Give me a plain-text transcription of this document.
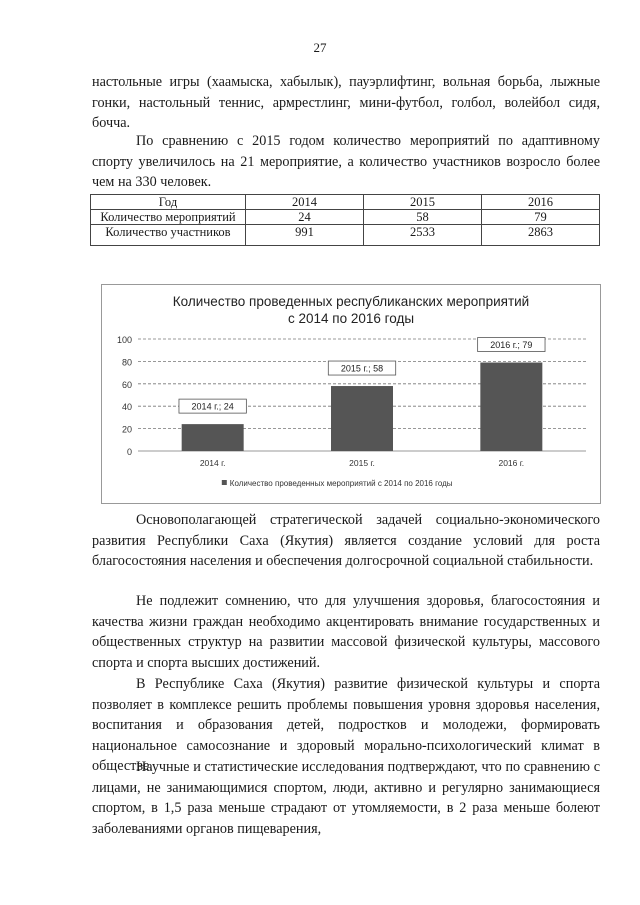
27

настольные игры (хаамыска, хабылык), пауэрлифтинг, вольная борьба, лыжные гонки, настольный теннис, армрестлинг, мини-футбол, голбол, волейбол сидя, бочча.

По сравнению с 2015 годом количество мероприятий по адаптивному спорту увеличилось на 21 мероприятие, а количество участников возросло более чем на 330 человек.

Год	2014	2015	2016
Количество мероприятий	24	58	79
Количество участников	991	2533	2863
Количество проведенных республиканских мероприятий
с 2014 по 2016 годы
0
20
40
60
80
100
2014 г.; 24
2014 г.
2015 г.; 58
2015 г.
2016 г.; 79
2016 г.
Количество проведенных мероприятий с 2014 по 2016 годы

Основополагающей стратегической задачей социально-экономического развития Республики Саха (Якутия) является создание условий для роста благосостояния населения и обеспечения долгосрочной социальной стабильности.

Не подлежит сомнению, что для улучшения здоровья, благосостояния и качества жизни граждан необходимо акцентировать внимание государственных и общественных структур на развитии массовой физической культуры, массового спорта и спорта высших достижений.

В Республике Саха (Якутия) развитие физической культуры и спорта позволяет в комплексе решить проблемы повышения уровня здоровья населения, воспитания и образования детей, подростков и молодежи, формировать национальное самосознание и здоровый морально-психологический климат в обществе.

Научные и статистические исследования подтверждают, что по сравнению с лицами, не занимающимися спортом, люди, активно и регулярно занимающиеся спортом, в 1,5 раза меньше страдают от утомляемости, в 2 раза меньше болеют заболеваниями органов пищеварения,
